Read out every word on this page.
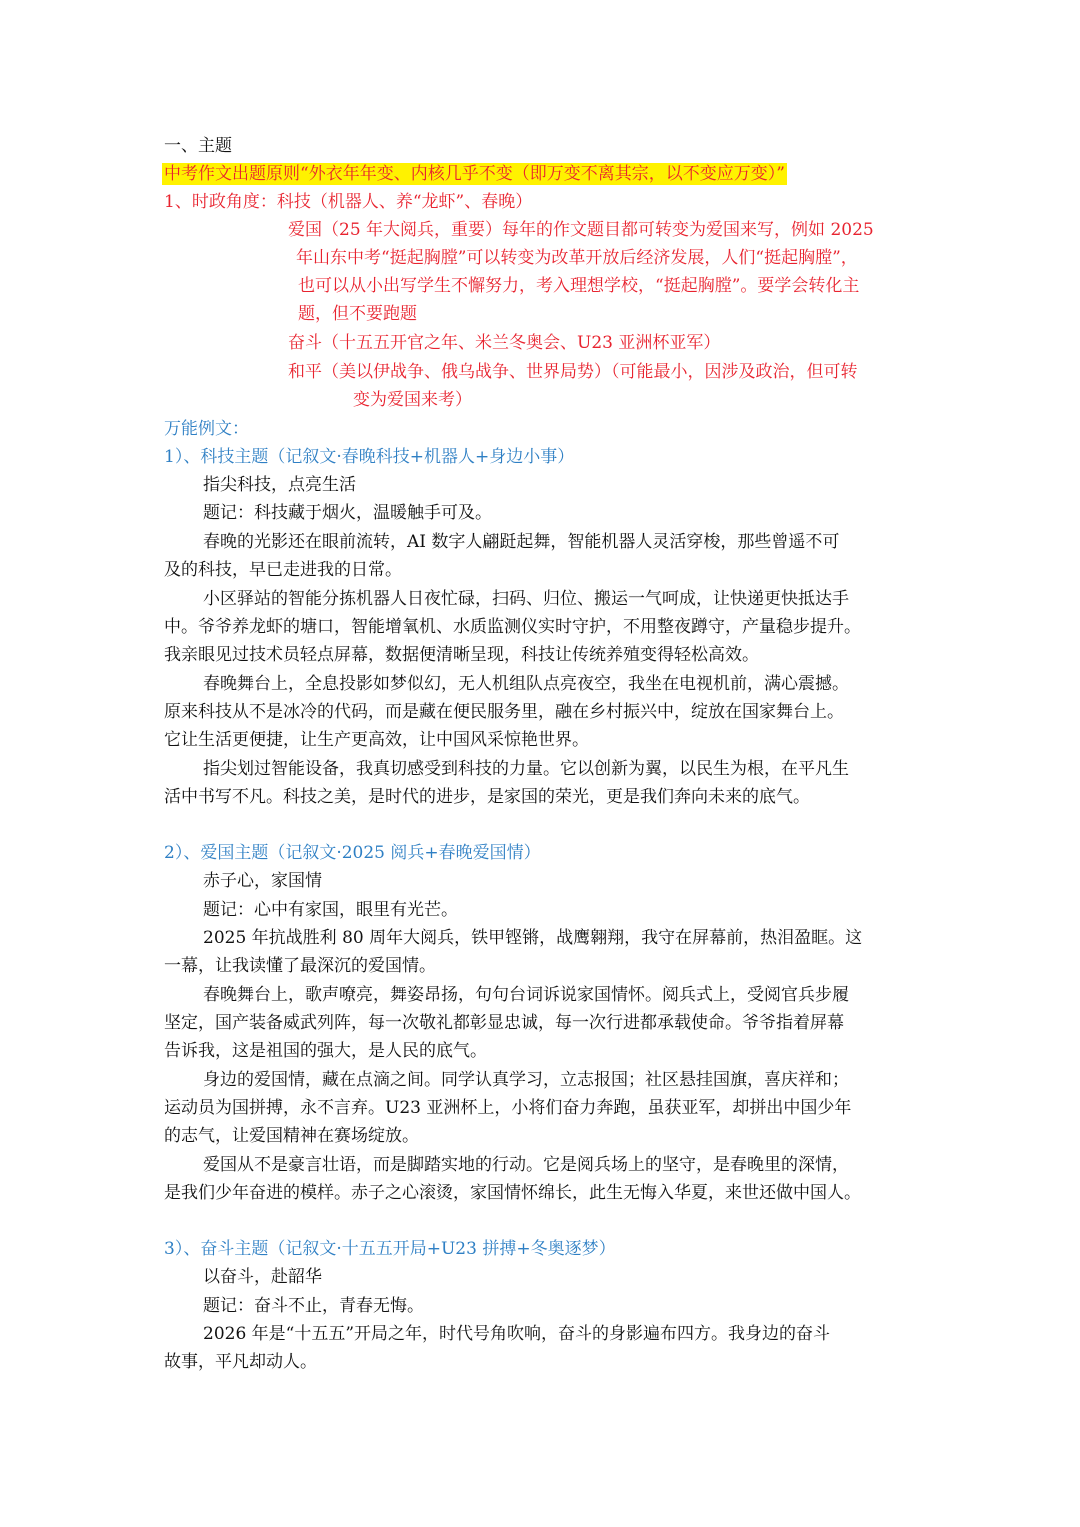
一、主题
中考作文出题原则“外衣年年变、内核几乎不变（即万变不离其宗，以不变应万变）”
1、时政角度：科技（机器人、养“龙虾”、春晚）
爱国（25 年大阅兵，重要）每年的作文题目都可转变为爱国来写，例如 2025
年山东中考“挺起胸膛”可以转变为改革开放后经济发展，人们“挺起胸膛”，
也可以从小出写学生不懈努力，考入理想学校，“挺起胸膛”。要学会转化主
题，但不要跑题
奋斗（十五五开官之年、米兰冬奥会、U23 亚洲杯亚军）
和平（美以伊战争、俄乌战争、世界局势）（可能最小，因涉及政治，但可转
变为爱国来考）
万能例文：
1）、科技主题（记叙文·春晚科技+机器人+身边小事）
指尖科技，点亮生活
题记：科技藏于烟火，温暖触手可及。
春晚的光影还在眼前流转，AI 数字人翩跹起舞，智能机器人灵活穿梭，那些曾遥不可
及的科技，早已走进我的日常。
小区驿站的智能分拣机器人日夜忙碌，扫码、归位、搬运一气呵成，让快递更快抵达手
中。爷爷养龙虾的塘口，智能增氧机、水质监测仪实时守护，不用整夜蹲守，产量稳步提升。
我亲眼见过技术员轻点屏幕，数据便清晰呈现，科技让传统养殖变得轻松高效。
春晚舞台上，全息投影如梦似幻，无人机组队点亮夜空，我坐在电视机前，满心震撼。
原来科技从不是冰冷的代码，而是藏在便民服务里，融在乡村振兴中，绽放在国家舞台上。
它让生活更便捷，让生产更高效，让中国风采惊艳世界。
指尖划过智能设备，我真切感受到科技的力量。它以创新为翼，以民生为根，在平凡生
活中书写不凡。科技之美，是时代的进步，是家国的荣光，更是我们奔向未来的底气。
2）、爱国主题（记叙文·2025 阅兵+春晚爱国情）
赤子心，家国情
题记：心中有家国，眼里有光芒。
2025 年抗战胜利 80 周年大阅兵，铁甲铿锵，战鹰翱翔，我守在屏幕前，热泪盈眶。这
一幕，让我读懂了最深沉的爱国情。
春晚舞台上，歌声嘹亮，舞姿昂扬，句句台词诉说家国情怀。阅兵式上，受阅官兵步履
坚定，国产装备威武列阵，每一次敬礼都彰显忠诚，每一次行进都承载使命。爷爷指着屏幕
告诉我，这是祖国的强大，是人民的底气。
身边的爱国情，藏在点滴之间。同学认真学习，立志报国；社区悬挂国旗，喜庆祥和；
运动员为国拼搏，永不言弃。U23 亚洲杯上，小将们奋力奔跑，虽获亚军，却拼出中国少年
的志气，让爱国精神在赛场绽放。
爱国从不是豪言壮语，而是脚踏实地的行动。它是阅兵场上的坚守，是春晚里的深情，
是我们少年奋进的模样。赤子之心滚烫，家国情怀绵长，此生无悔入华夏，来世还做中国人。
3）、奋斗主题（记叙文·十五五开局+U23 拼搏+冬奥逐梦）
以奋斗，赴韶华
题记：奋斗不止，青春无悔。
2026 年是“十五五”开局之年，时代号角吹响，奋斗的身影遍布四方。我身边的奋斗
故事，平凡却动人。
